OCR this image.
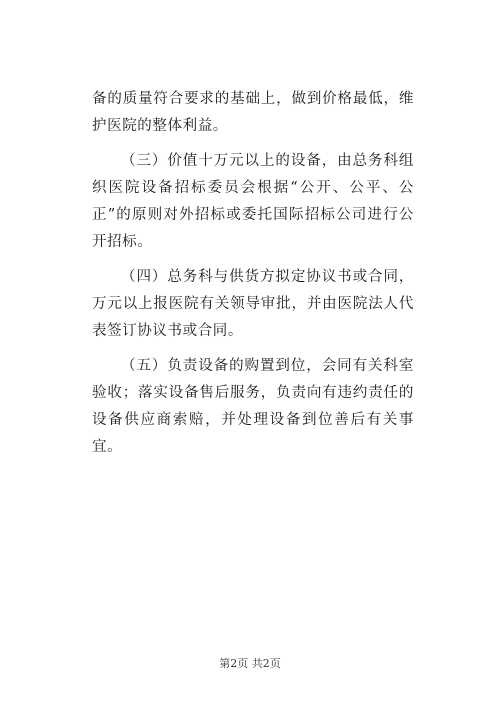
备的质量符合要求的基础上，做到价格最低，维护医院的整体利益。

（三）价值十万元以上的设备，由总务科组织医院设备招标委员会根据“公开、公平、公正”的原则对外招标或委托国际招标公司进行公开招标。

（四）总务科与供货方拟定协议书或合同，万元以上报医院有关领导审批，并由医院法人代表签订协议书或合同。

（五）负责设备的购置到位，会同有关科室验收；落实设备售后服务，负责向有违约责任的设备供应商索赔，并处理设备到位善后有关事宜。

第2页 共2页
